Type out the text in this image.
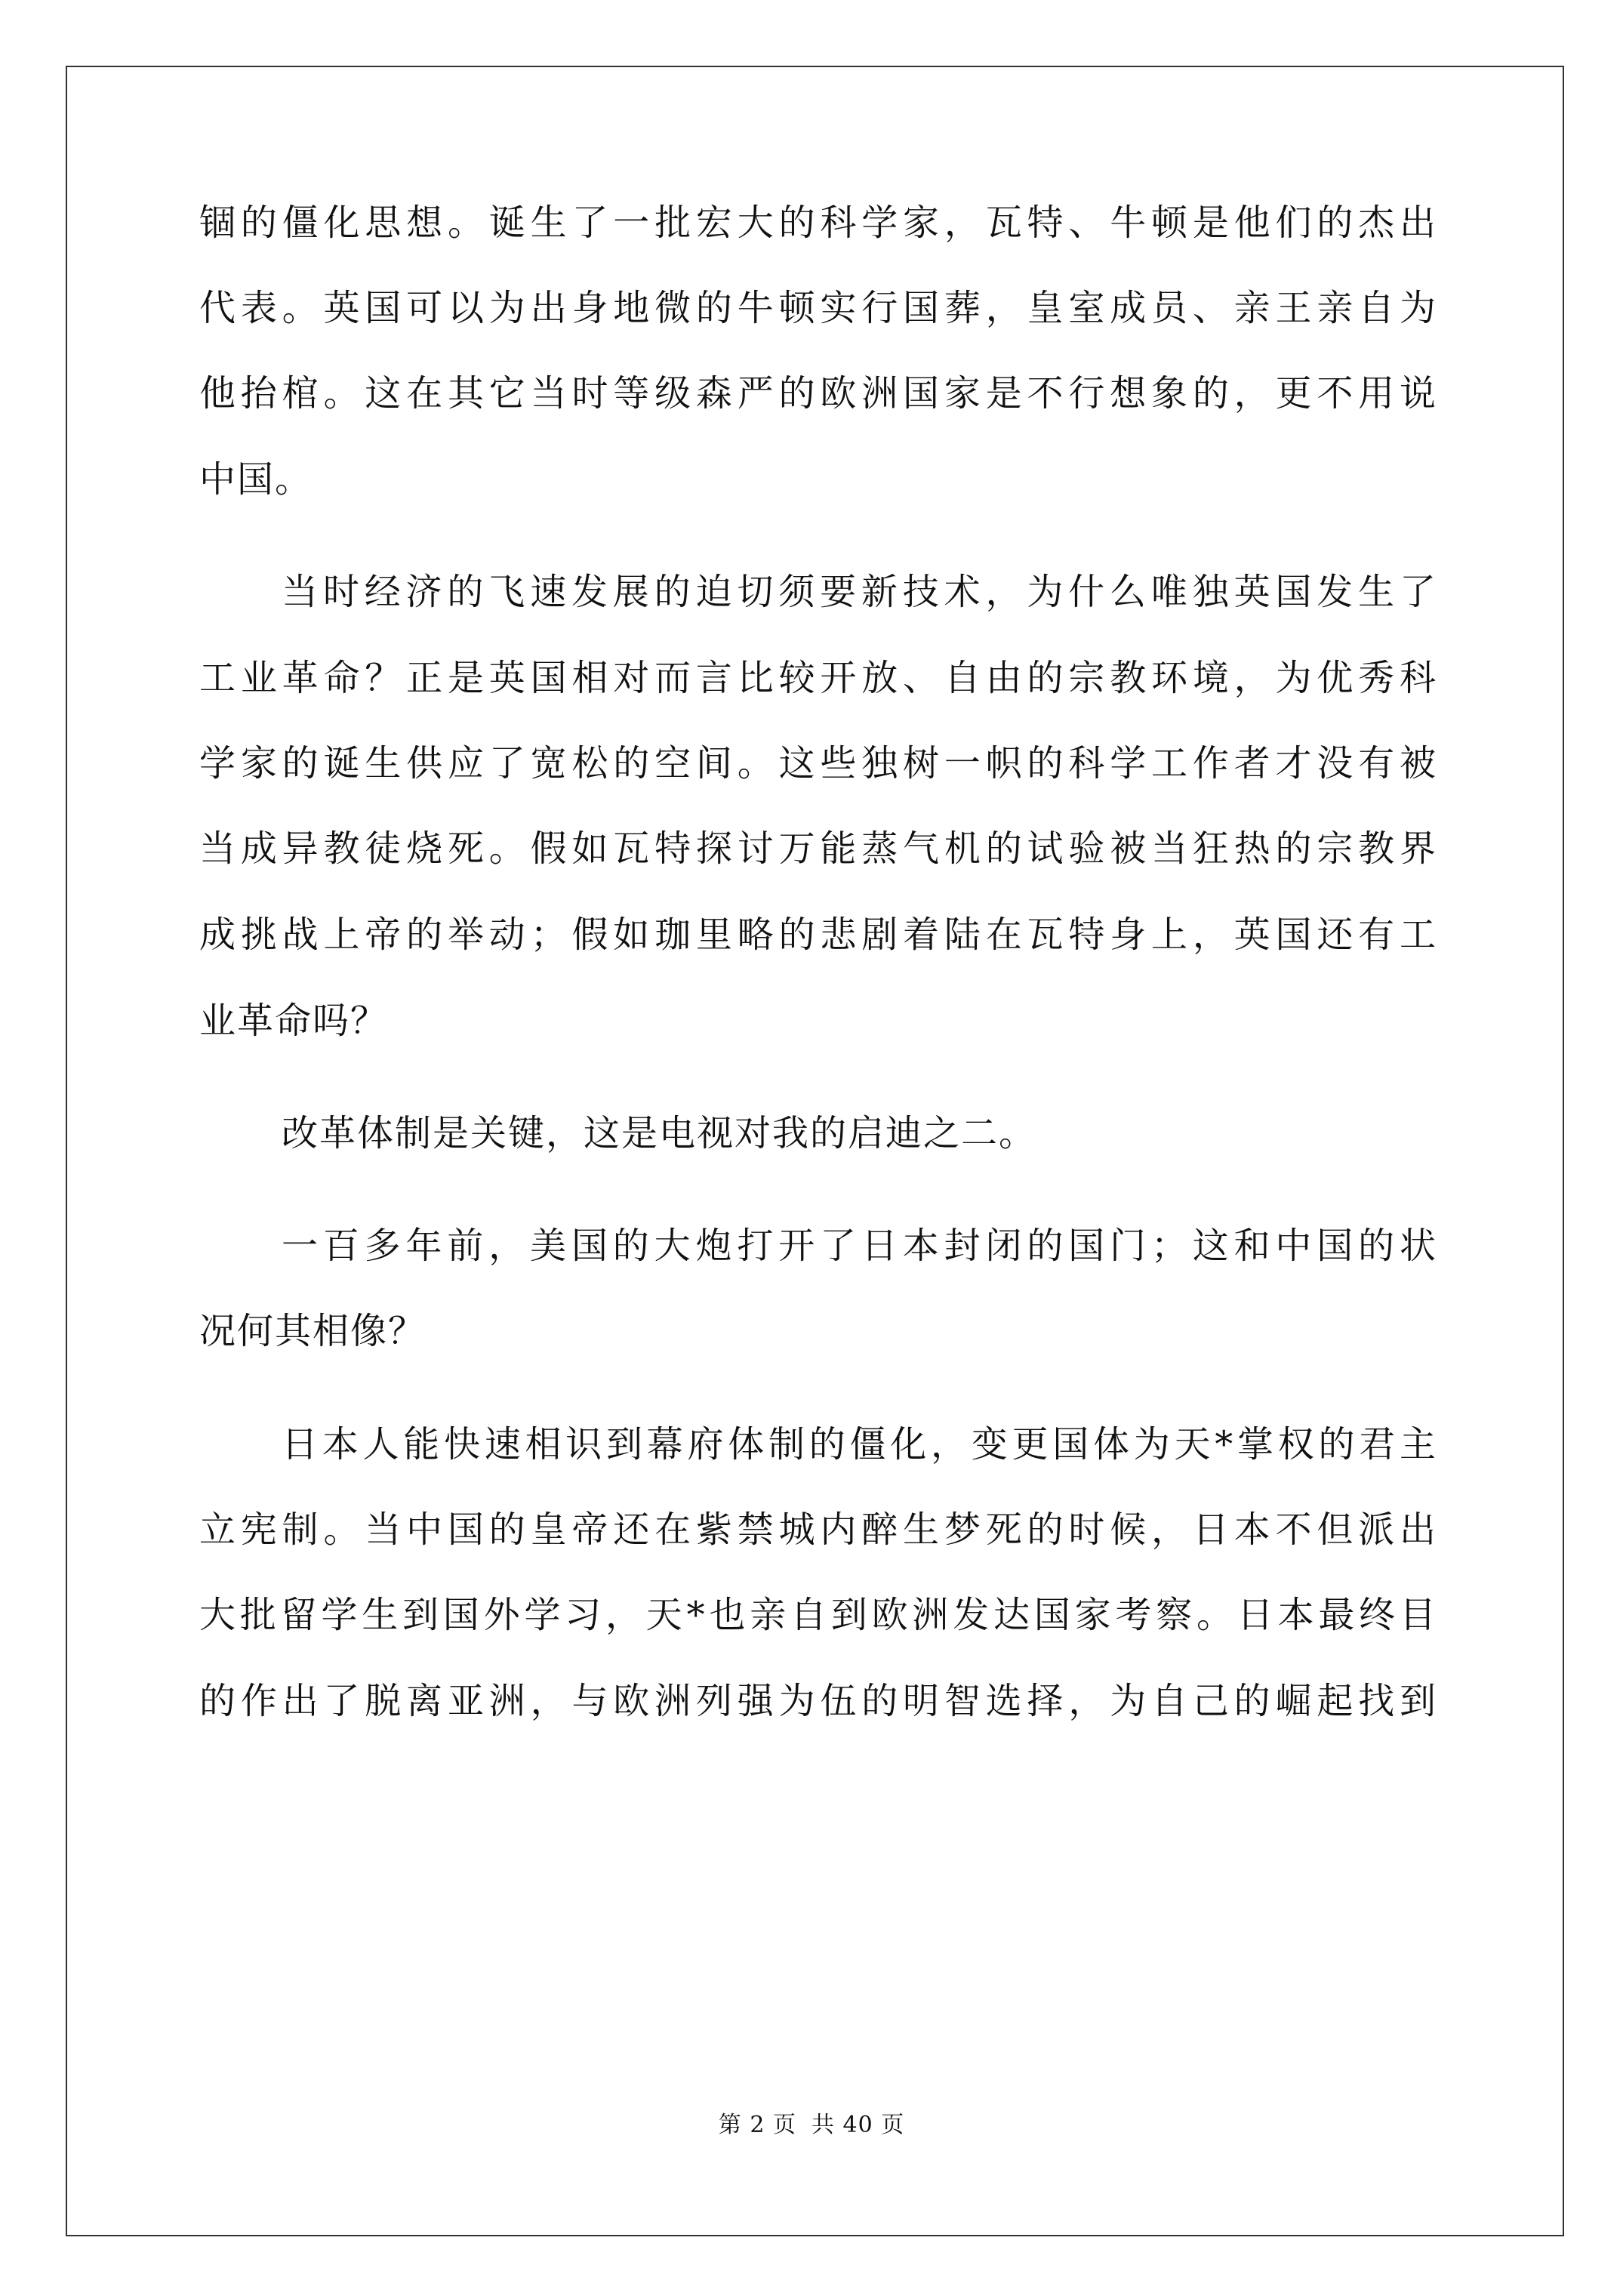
锢的僵化思想。诞生了一批宏大的科学家，瓦特、牛顿是他们的杰出
代表。英国可以为出身地微的牛顿实行国葬，皇室成员、亲王亲自为
他抬棺。这在其它当时等级森严的欧洲国家是不行想象的，更不用说
中国。
当时经济的飞速发展的迫切须要新技术，为什么唯独英国发生了
工业革命？正是英国相对而言比较开放、自由的宗教环境，为优秀科
学家的诞生供应了宽松的空间。这些独树一帜的科学工作者才没有被
当成异教徒烧死。假如瓦特探讨万能蒸气机的试验被当狂热的宗教界
成挑战上帝的举动；假如珈里略的悲剧着陆在瓦特身上，英国还有工
业革命吗？
改革体制是关键，这是电视对我的启迪之二。
一百多年前，美国的大炮打开了日本封闭的国门；这和中国的状
况何其相像？
日本人能快速相识到幕府体制的僵化，变更国体为天*掌权的君主
立宪制。当中国的皇帝还在紫禁城内醉生梦死的时候，日本不但派出
大批留学生到国外学习，天*也亲自到欧洲发达国家考察。日本最终目
的作出了脱离亚洲，与欧洲列强为伍的明智选择，为自己的崛起找到
第 2 页 共 40 页
